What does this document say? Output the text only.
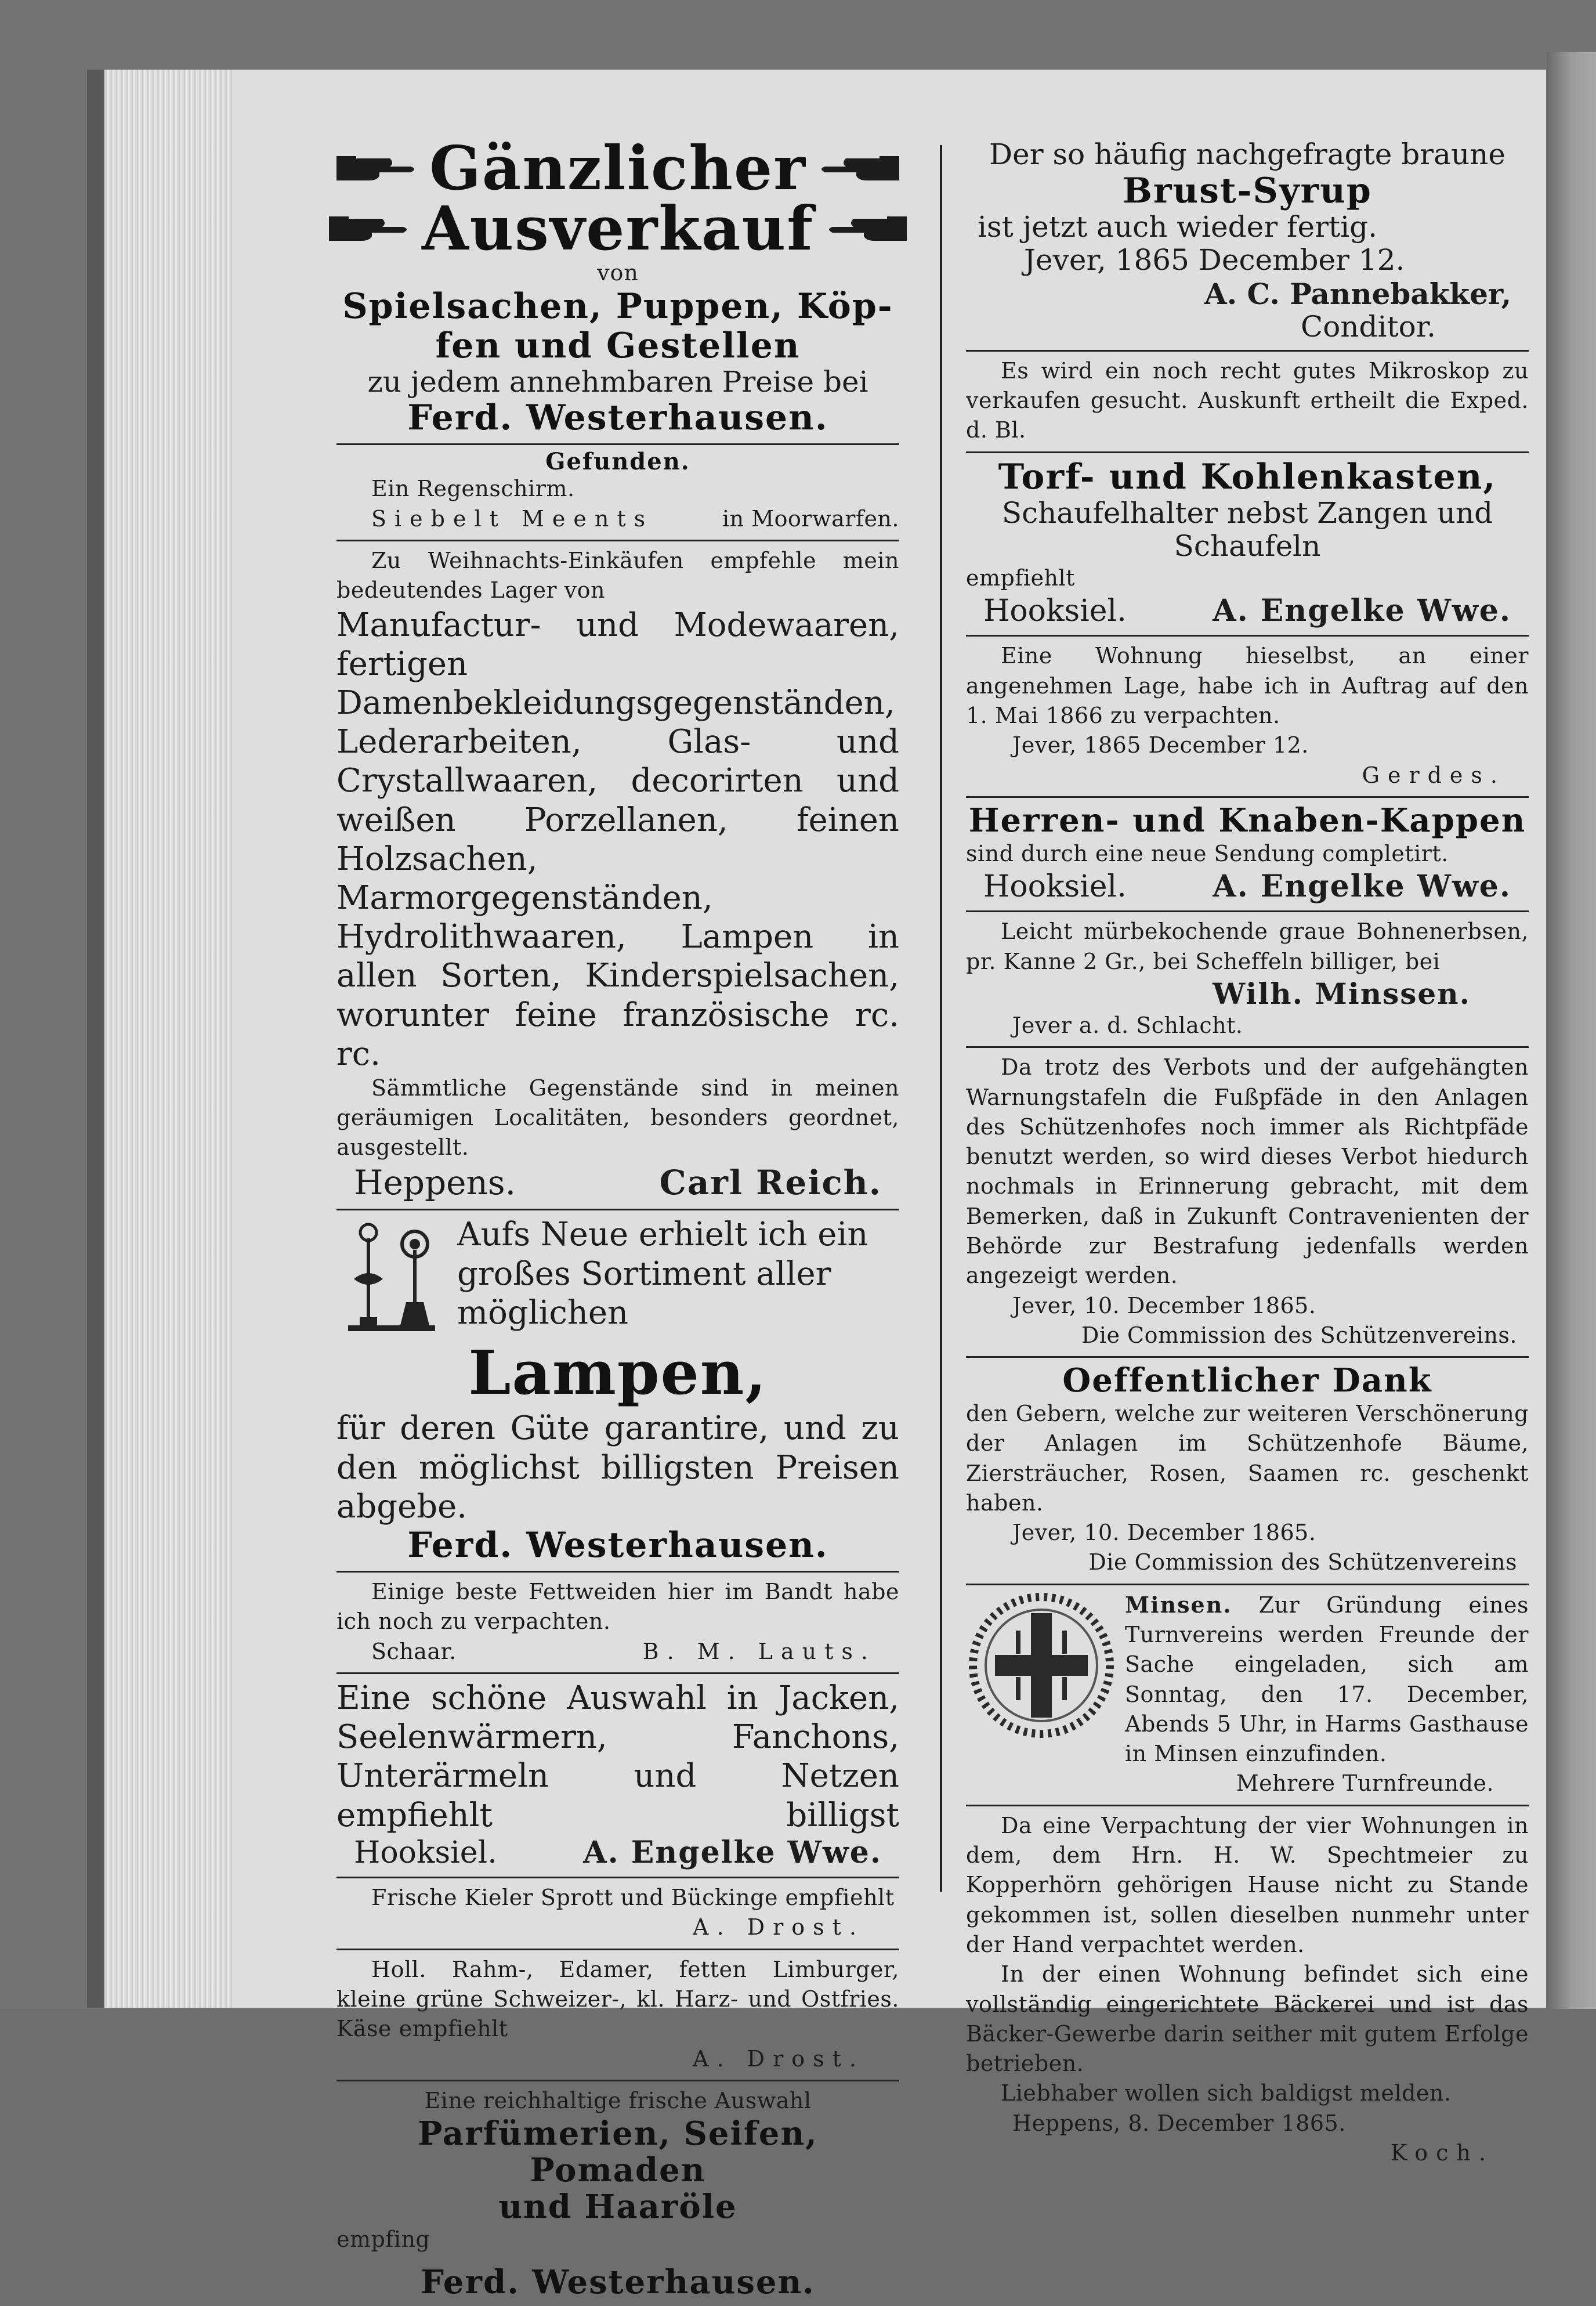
Gänzlicher
Ausverkauf
von
Spielsachen, Puppen, Köp-
fen und Gestellen
zu jedem annehmbaren Preise bei
Ferd. Westerhausen.
Gefunden.
Ein Regenschirm.
Siebelt Meents	in Moorwarfen.
Zu Weihnachts-Einkäufen empfehle mein bedeutendes Lager von
Manufactur- und Modewaaren, fertigen Damenbekleidungsgegenständen, Lederarbeiten, Glas- und Crystallwaaren, decorirten und weißen Porzellanen, feinen Holzsachen, Marmorgegenständen, Hydrolithwaaren, Lampen in allen Sorten, Kinderspielsachen, worunter feine französische rc. rc.
Sämmtliche Gegenstände sind in meinen geräumigen Localitäten, besonders geordnet, ausgestellt.
Heppens.	Carl Reich.
Aufs Neue erhielt ich ein großes Sortiment aller möglichen
Lampen,
für deren Güte garantire, und zu den möglichst billigsten Preisen abgebe.
Ferd. Westerhausen.
Einige beste Fettweiden hier im Bandt habe ich noch zu verpachten.
Schaar.	B. M. Lauts.
Eine schöne Auswahl in Jacken, Seelenwärmern, Fanchons, Unterärmeln und Netzen empfiehlt billigst
Hooksiel.	A. Engelke Wwe.
Frische Kieler Sprott und Bückinge empfiehlt
A. Drost.
Holl. Rahm-, Edamer, fetten Limburger, kleine grüne Schweizer-, kl. Harz- und Ostfries. Käse empfiehlt
A. Drost.
Eine reichhaltige frische Auswahl
Parfümerien, Seifen, Pomaden
und Haaröle
empfing
Ferd. Westerhausen.
Der so häufig nachgefragte braune
Brust-Syrup
ist jetzt auch wieder fertig.
Jever, 1865 December 12.
A. C. Pannebakker,
Conditor.
Es wird ein noch recht gutes Mikroskop zu verkaufen gesucht. Auskunft ertheilt die Exped. d. Bl.
Torf- und Kohlenkasten,
Schaufelhalter nebst Zangen und Schaufeln
empfiehlt
Hooksiel.	A. Engelke Wwe.
Eine Wohnung hieselbst, an einer angenehmen Lage, habe ich in Auftrag auf den 1. Mai 1866 zu verpachten.
Jever, 1865 December 12.
Gerdes.
Herren- und Knaben-Kappen
sind durch eine neue Sendung completirt.
Hooksiel.	A. Engelke Wwe.
Leicht mürbekochende graue Bohnenerbsen, pr. Kanne 2 Gr., bei Scheffeln billiger, bei
Wilh. Minssen.
Jever a. d. Schlacht.
Da trotz des Verbots und der aufgehängten Warnungstafeln die Fußpfäde in den Anlagen des Schützenhofes noch immer als Richtpfäde benutzt werden, so wird dieses Verbot hiedurch nochmals in Erinnerung gebracht, mit dem Bemerken, daß in Zukunft Contravenienten der Behörde zur Bestrafung jedenfalls werden angezeigt werden.
Jever, 10. December 1865.
Die Commission des Schützenvereins.
Oeffentlicher Dank
den Gebern, welche zur weiteren Verschönerung der Anlagen im Schützenhofe Bäume, Ziersträucher, Rosen, Saamen rc. geschenkt haben.
Jever, 10. December 1865.
Die Commission des Schützenvereins
Minsen. Zur Gründung eines Turnvereins werden Freunde der Sache eingeladen, sich am Sonntag, den 17. December, Abends 5 Uhr, in Harms Gasthause in Minsen einzufinden.
Mehrere Turnfreunde.
Da eine Verpachtung der vier Wohnungen in dem, dem Hrn. H. W. Spechtmeier zu Kopperhörn gehörigen Hause nicht zu Stande gekommen ist, sollen dieselben nunmehr unter der Hand verpachtet werden.
In der einen Wohnung befindet sich eine vollständig eingerichtete Bäckerei und ist das Bäcker-Gewerbe darin seither mit gutem Erfolge betrieben.
Liebhaber wollen sich baldigst melden.
Heppens, 8. December 1865.
Koch.
